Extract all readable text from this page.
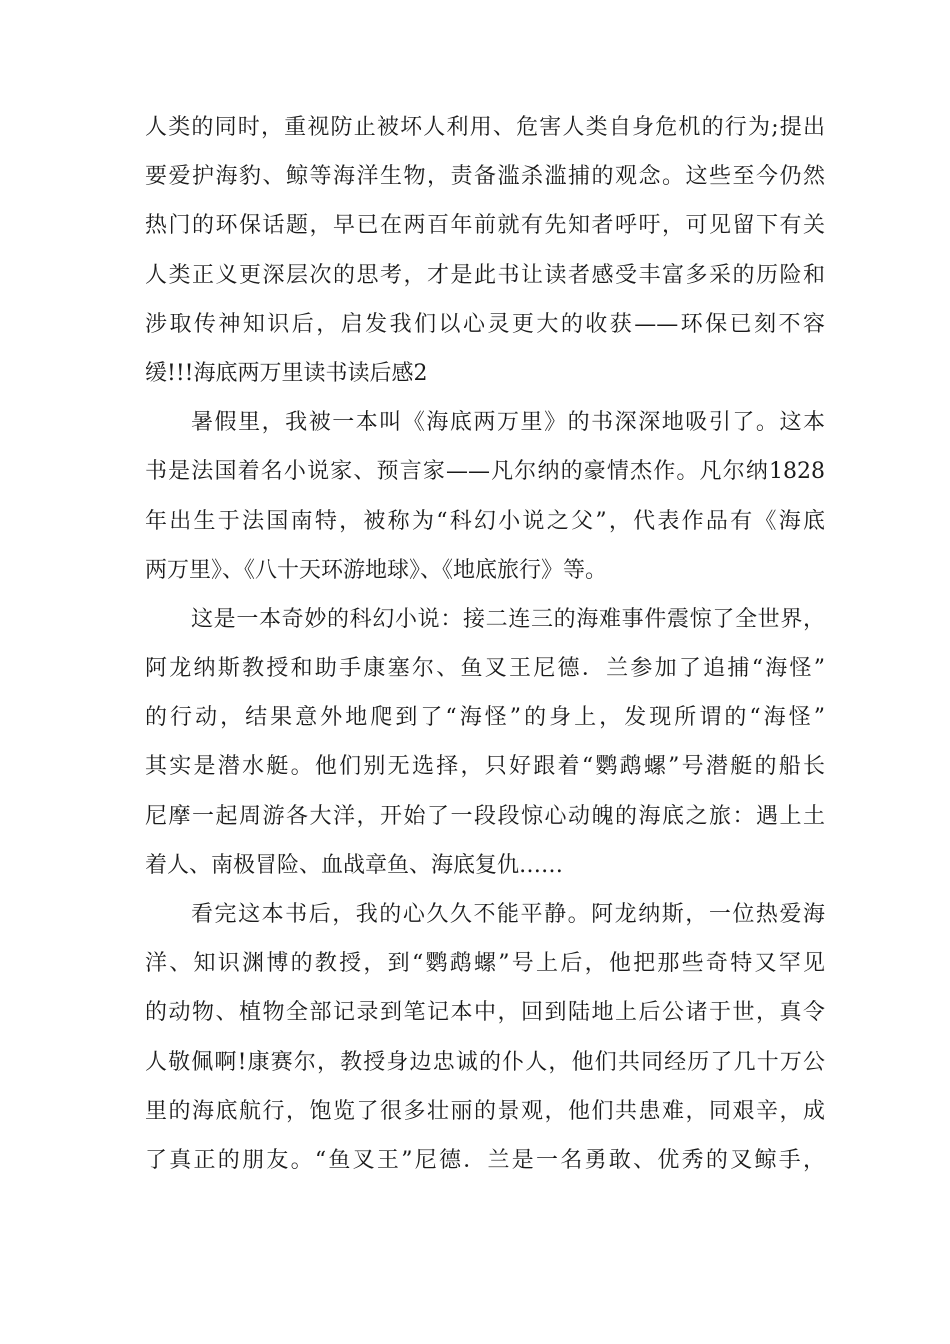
人类的同时，重视防止被坏人利用、危害人类自身危机的行为;提出
要爱护海豹、鲸等海洋生物，责备滥杀滥捕的观念。这些至今仍然
热门的环保话题，早已在两百年前就有先知者呼吁，可见留下有关
人类正义更深层次的思考，才是此书让读者感受丰富多采的历险和
涉取传神知识后，启发我们以心灵更大的收获——环保已刻不容
缓!!!海底两万里读书读后感2
暑假里，我被一本叫《海底两万里》的书深深地吸引了。这本
书是法国着名小说家、预言家——凡尔纳的豪情杰作。凡尔纳1828
年出生于法国南特，被称为“科幻小说之父”，代表作品有《海底
两万里》、《八十天环游地球》、《地底旅行》等。
这是一本奇妙的科幻小说：接二连三的海难事件震惊了全世界，
阿龙纳斯教授和助手康塞尔、鱼叉王尼德．兰参加了追捕“海怪”
的行动，结果意外地爬到了“海怪”的身上，发现所谓的“海怪”
其实是潜水艇。他们别无选择，只好跟着“鹦鹉螺”号潜艇的船长
尼摩一起周游各大洋，开始了一段段惊心动魄的海底之旅：遇上土
着人、南极冒险、血战章鱼、海底复仇……
看完这本书后，我的心久久不能平静。阿龙纳斯，一位热爱海
洋、知识渊博的教授，到“鹦鹉螺”号上后，他把那些奇特又罕见
的动物、植物全部记录到笔记本中，回到陆地上后公诸于世，真令
人敬佩啊!康赛尔，教授身边忠诚的仆人，他们共同经历了几十万公
里的海底航行，饱览了很多壮丽的景观，他们共患难，同艰辛，成
了真正的朋友。“鱼叉王”尼德．兰是一名勇敢、优秀的叉鲸手，
